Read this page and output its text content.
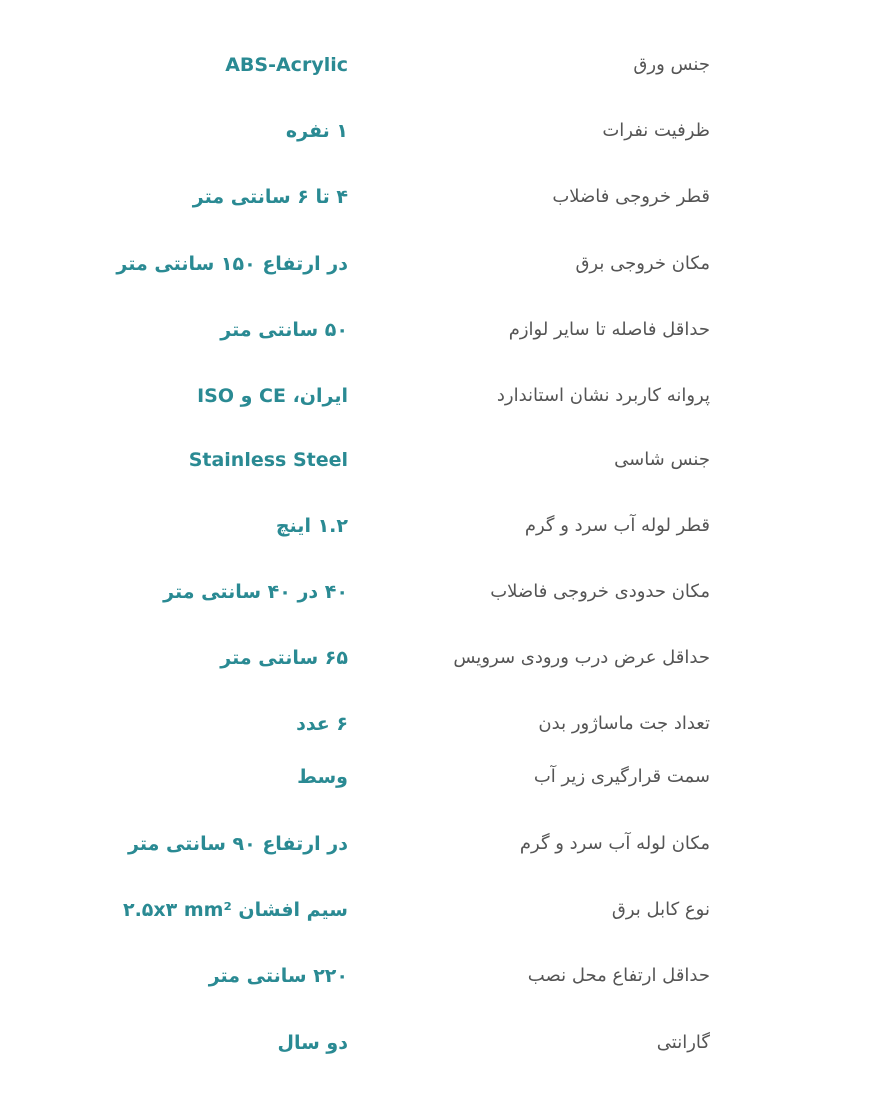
جنس ورق
ABS-Acrylic
ظرفیت نفرات
۱ نفره
قطر خروجی فاضلاب
۴ تا ۶ سانتی متر
مکان خروجی برق
در ارتفاع ۱۵۰ سانتی متر
حداقل فاصله تا سایر لوازم
۵۰ سانتی متر
پروانه کاربرد نشان استاندارد
ایران، CE و ISO
جنس شاسی
Stainless Steel
قطر لوله آب سرد و گرم
۱.۲ اینچ
مکان حدودی خروجی فاضلاب
۴۰ در ۴۰ سانتی متر
حداقل عرض درب ورودی سرویس
۶۵ سانتی متر
تعداد جت ماساژور بدن
۶ عدد
سمت قرارگیری زیر آب
وسط
مکان لوله آب سرد و گرم
در ارتفاع ۹۰ سانتی متر
نوع کابل برق
سیم افشان ۲.۵x۳ mm²
حداقل ارتفاع محل نصب
۲۲۰ سانتی متر
گارانتی
دو سال
